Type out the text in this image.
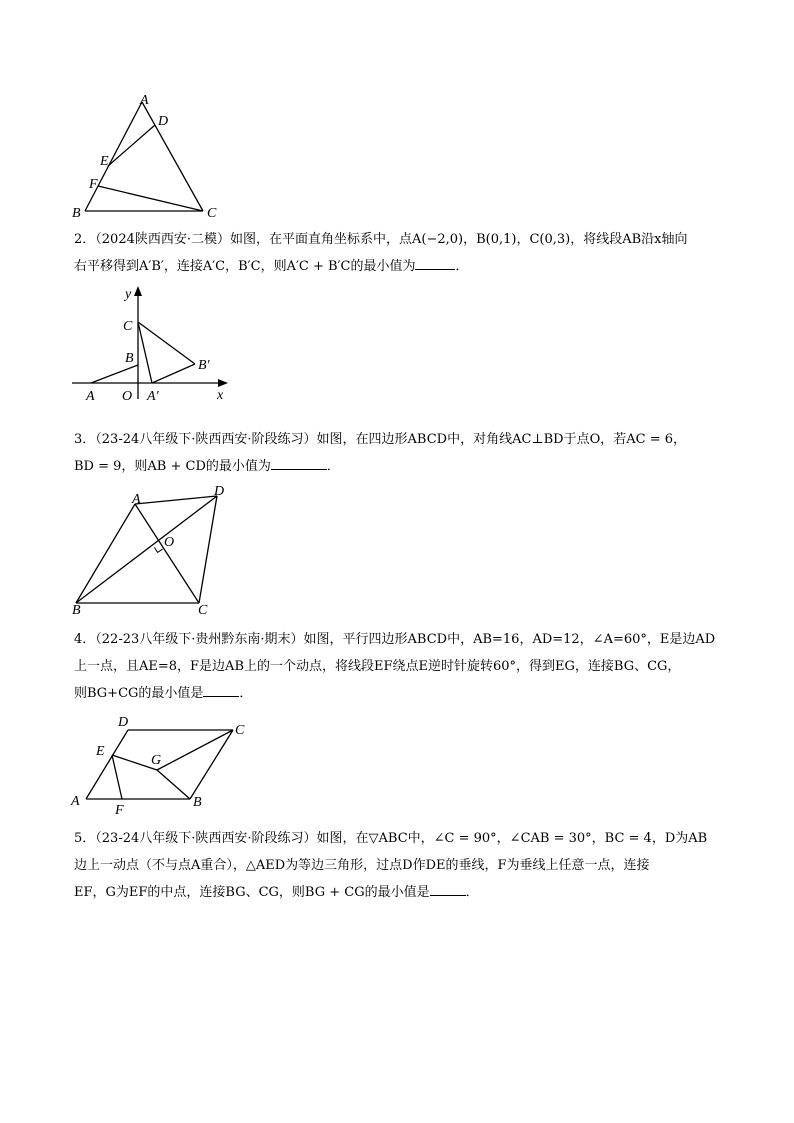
A
D
E
F
B	C
2．（2024陕西西安·二模）如图，在平面直角坐标系中，点A(−2,0)，B(0,1)，C(0,3)，将线段AB沿x轴向
右平移得到A′B′，连接A′C，B′C，则A′C + B′C的最小值为	．
y
x
C
B	B′
A O A′
3．（23-24八年级下·陕西西安·阶段练习）如图，在四边形ABCD中，对角线AC⊥BD于点O，若AC = 6，
BD = 9，则AB + CD的最小值为	．
A
D
O
B	C
4．（22-23八年级下·贵州黔东南·期末）如图，平行四边形ABCD中，AB=16，AD=12，∠A=60°，E是边AD
上一点，且AE=8，F是边AB上的一个动点，将线段EF绕点E逆时针旋转60°，得到EG，连接BG、CG，
则BG+CG的最小值是	．
D
C
E
G
A
F
B
5．（23-24八年级下·陕西西安·阶段练习）如图，在▽ABC中，∠C = 90°，∠CAB = 30°，BC = 4，D为AB
边上一动点（不与点A重合），△AED为等边三角形，过点D作DE的垂线，F为垂线上任意一点，连接
EF，G为EF的中点，连接BG、CG，则BG + CG的最小值是	．
